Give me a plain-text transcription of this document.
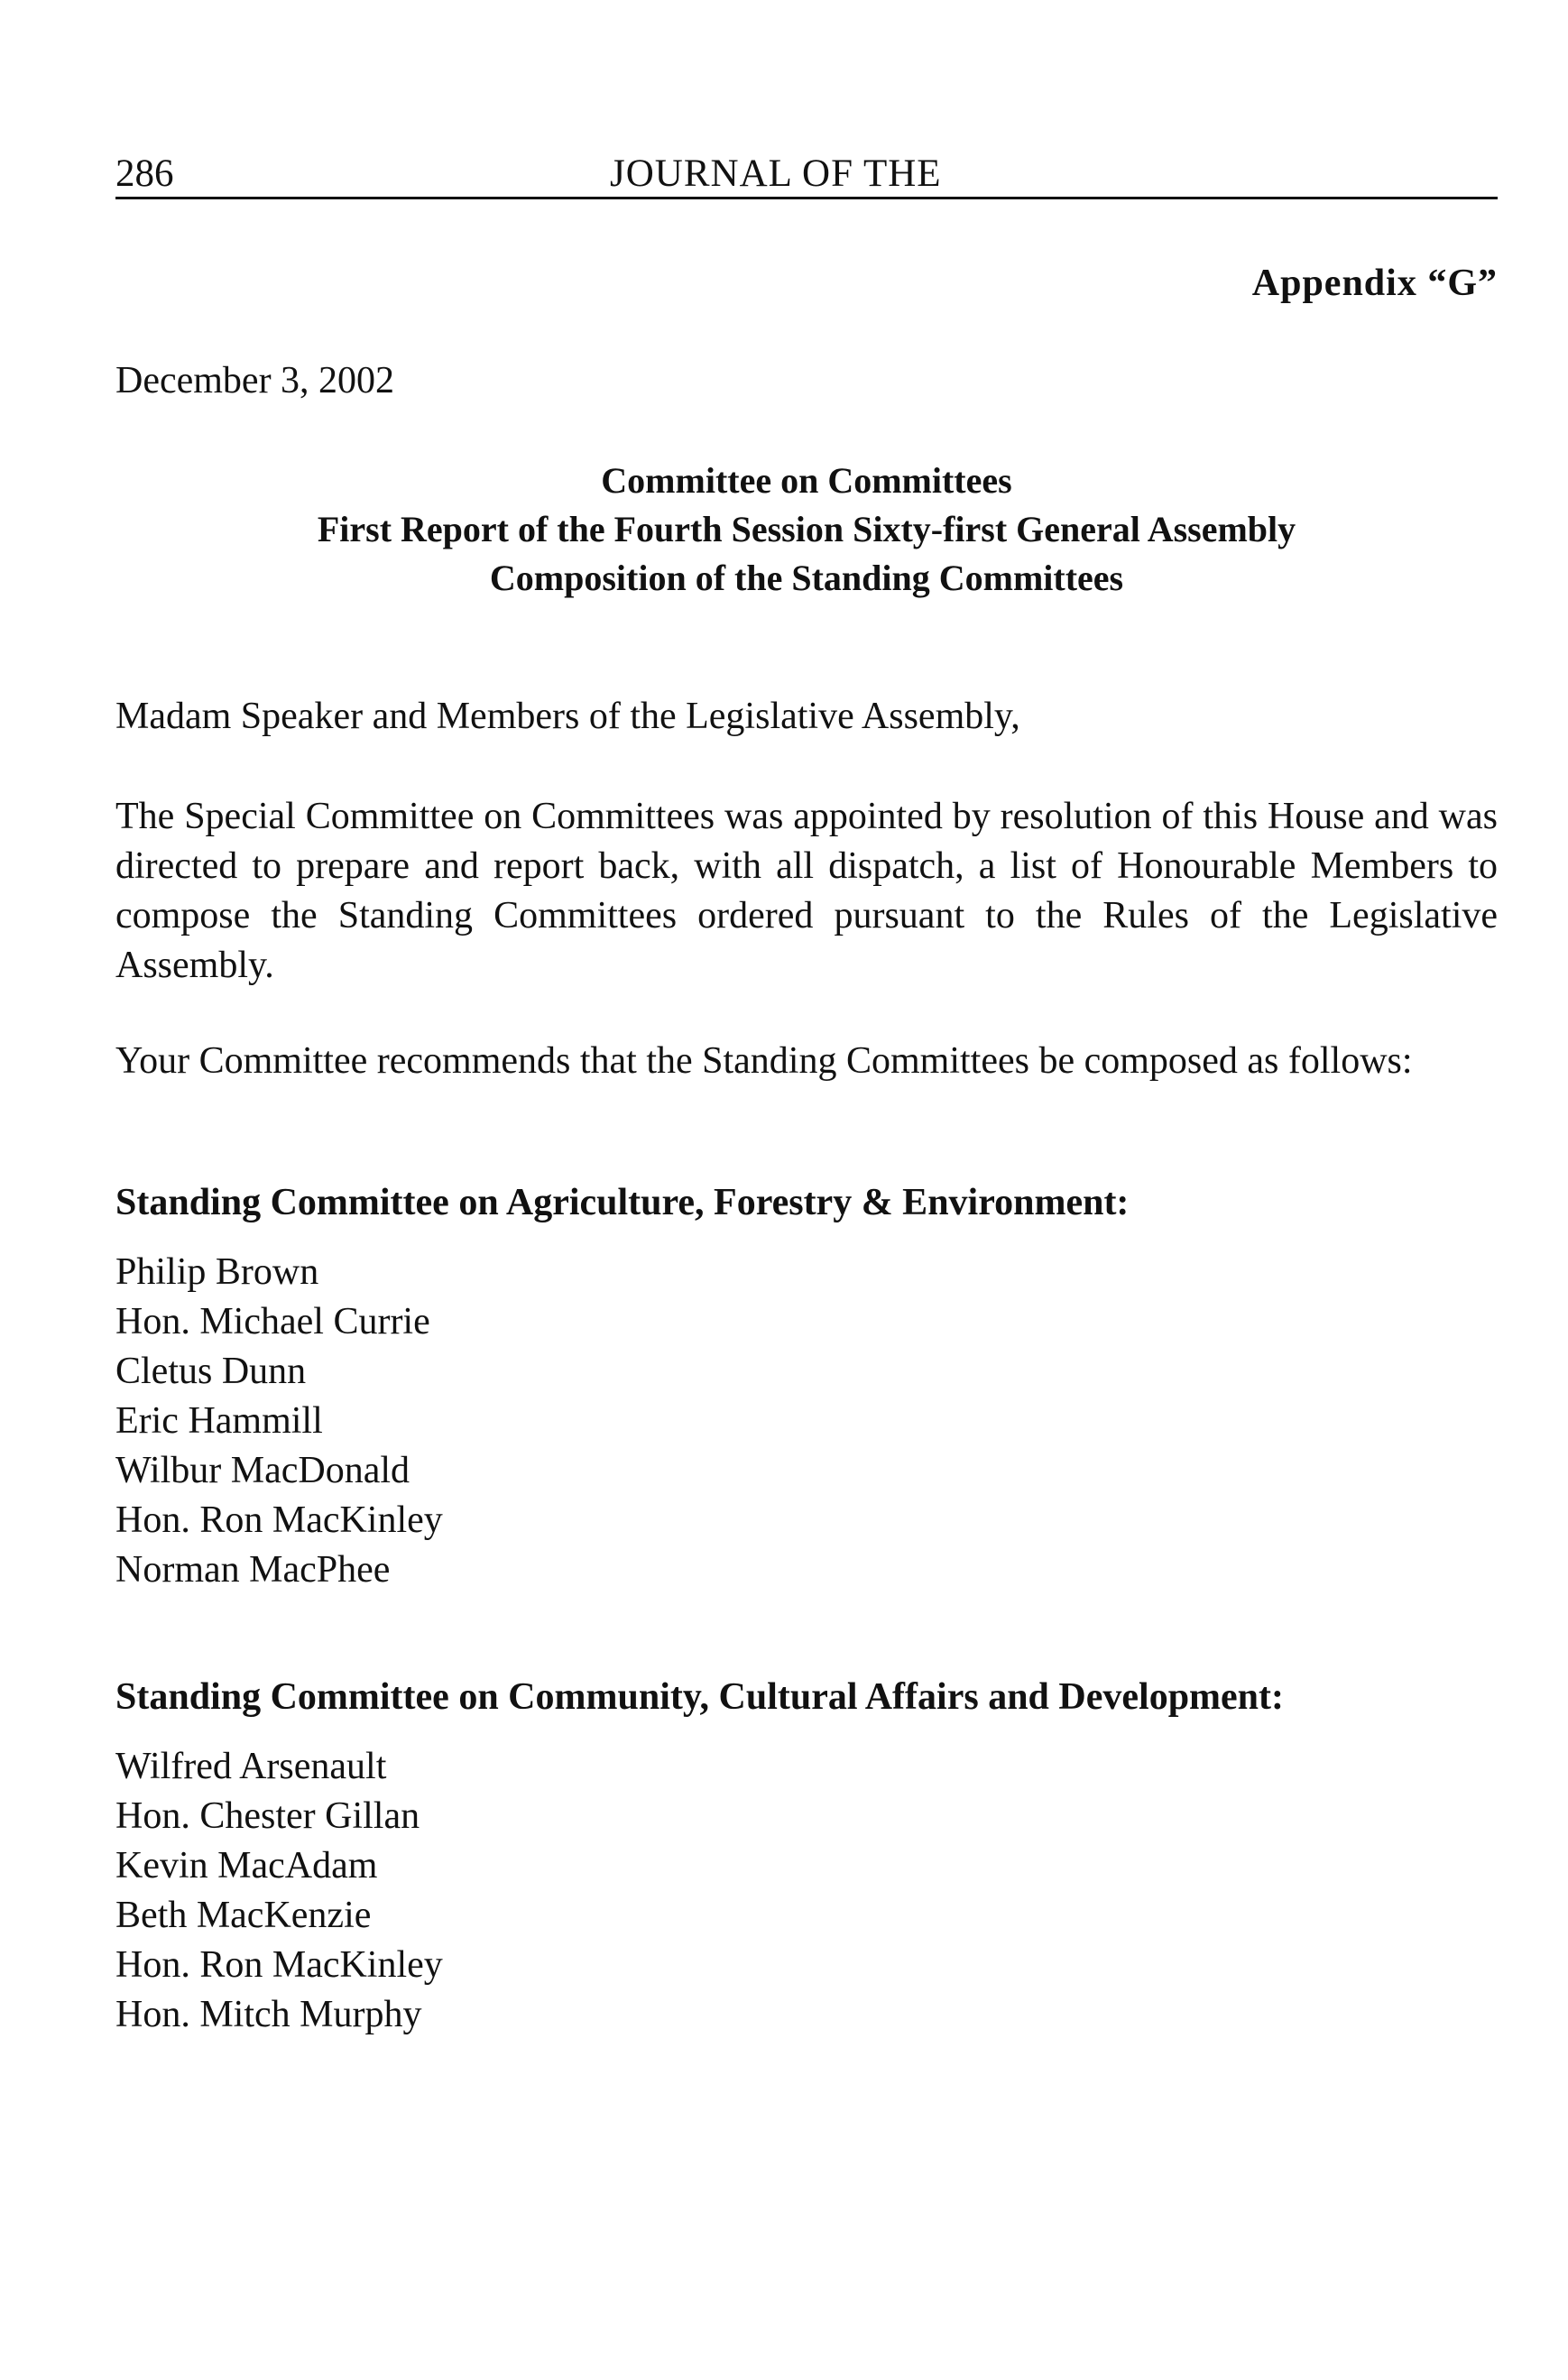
286	JOURNAL OF THE
Appendix “G”
December 3, 2002
Committee on Committees
First Report of the Fourth Session Sixty-first General Assembly
Composition of the Standing Committees

Madam Speaker and Members of the Legislative Assembly,

The Special Committee on Committees was appointed by resolution of this House and was directed to prepare and report back, with all dispatch, a list of Honourable Members to compose the Standing Committees ordered pursuant to the Rules of the Legislative Assembly.

Your Committee recommends that the Standing Committees be composed as follows:

Standing Committee on Agriculture, Forestry & Environment:
Philip Brown
Hon. Michael Currie
Cletus Dunn
Eric Hammill
Wilbur MacDonald
Hon. Ron MacKinley
Norman MacPhee
Standing Committee on Community, Cultural Affairs and Development:
Wilfred Arsenault
Hon. Chester Gillan
Kevin MacAdam
Beth MacKenzie
Hon. Ron MacKinley
Hon. Mitch Murphy
